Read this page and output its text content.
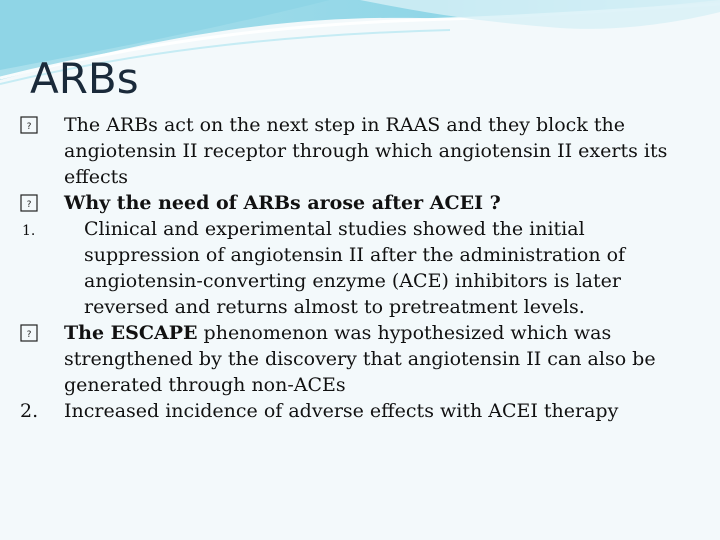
ARBs

? The ARBs act on the next step in RAAS and they block the angiotensin II receptor through which angiotensin II exerts its effects

? Why the need of ARBs arose after ACEI ?

1.	Clinical and experimental studies showed the initial suppression of angiotensin II after the administration of angiotensin-converting enzyme (ACE) inhibitors is later reversed and returns almost to pretreatment levels.

? The ESCAPE phenomenon was hypothesized which was strengthened by the discovery that angiotensin II can also be generated through non-ACEs

2. Increased incidence of adverse effects with ACEI therapy
